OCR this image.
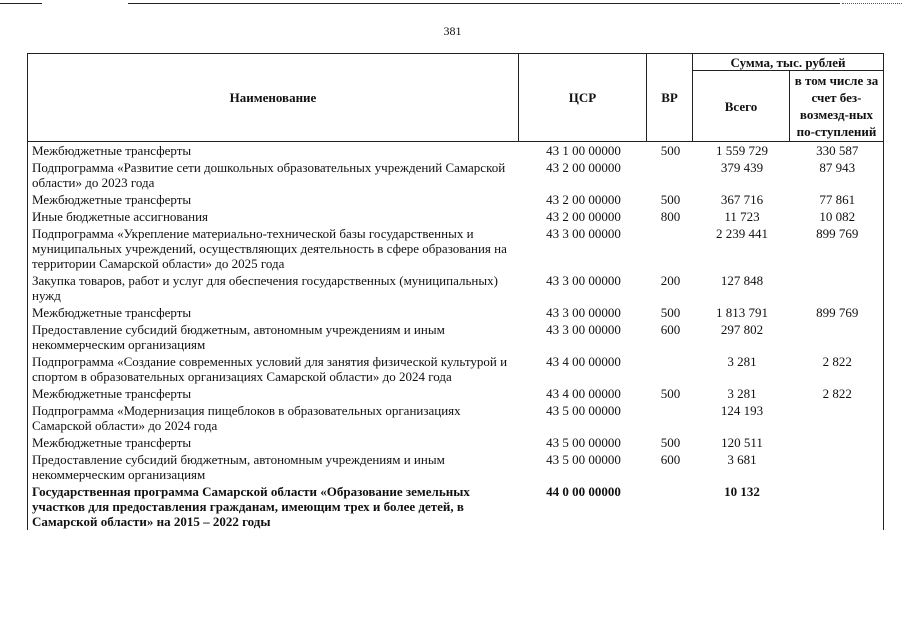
381
Наименование	ЦСР	ВР	Сумма, тыс. рублей	
			Всего	в том числе за счет без-возмезд-ных по-ступлений
Межбюджетные трансферты	43 1 00 00000	500	1 559 729	330 587
Подпрограмма «Развитие сети дошкольных образовательных учреждений Самарской области» до 2023 года	43 2 00 00000		379 439	87 943
Межбюджетные трансферты	43 2 00 00000	500	367 716	77 861
Иные бюджетные ассигнования	43 2 00 00000	800	11 723	10 082
Подпрограмма «Укрепление материально-технической базы государственных и муниципальных учреждений, осуществляющих деятельность в сфере образования на территории Самарской области» до 2025 года	43 3 00 00000		2 239 441	899 769
Закупка товаров, работ и услуг для обеспечения государственных (муниципальных) нужд	43 3 00 00000	200	127 848	
Межбюджетные трансферты	43 3 00 00000	500	1 813 791	899 769
Предоставление субсидий бюджетным, автономным учреждениям и иным некоммерческим организациям	43 3 00 00000	600	297 802	
Подпрограмма «Создание современных условий для занятия физической культурой и спортом в образовательных организациях Самарской области» до 2024 года	43 4 00 00000		3 281	2 822
Межбюджетные трансферты	43 4 00 00000	500	3 281	2 822
Подпрограмма «Модернизация пищеблоков в образовательных организациях Самарской области» до 2024 года	43 5 00 00000		124 193	
Межбюджетные трансферты	43 5 00 00000	500	120 511	
Предоставление субсидий бюджетным, автономным учреждениям и иным некоммерческим организациям	43 5 00 00000	600	3 681	
Государственная программа Самарской области «Образование земельных участков для предоставления гражданам, имеющим трех и более детей, в Самарской области» на 2015 – 2022 годы	44 0 00 00000		10 132	
